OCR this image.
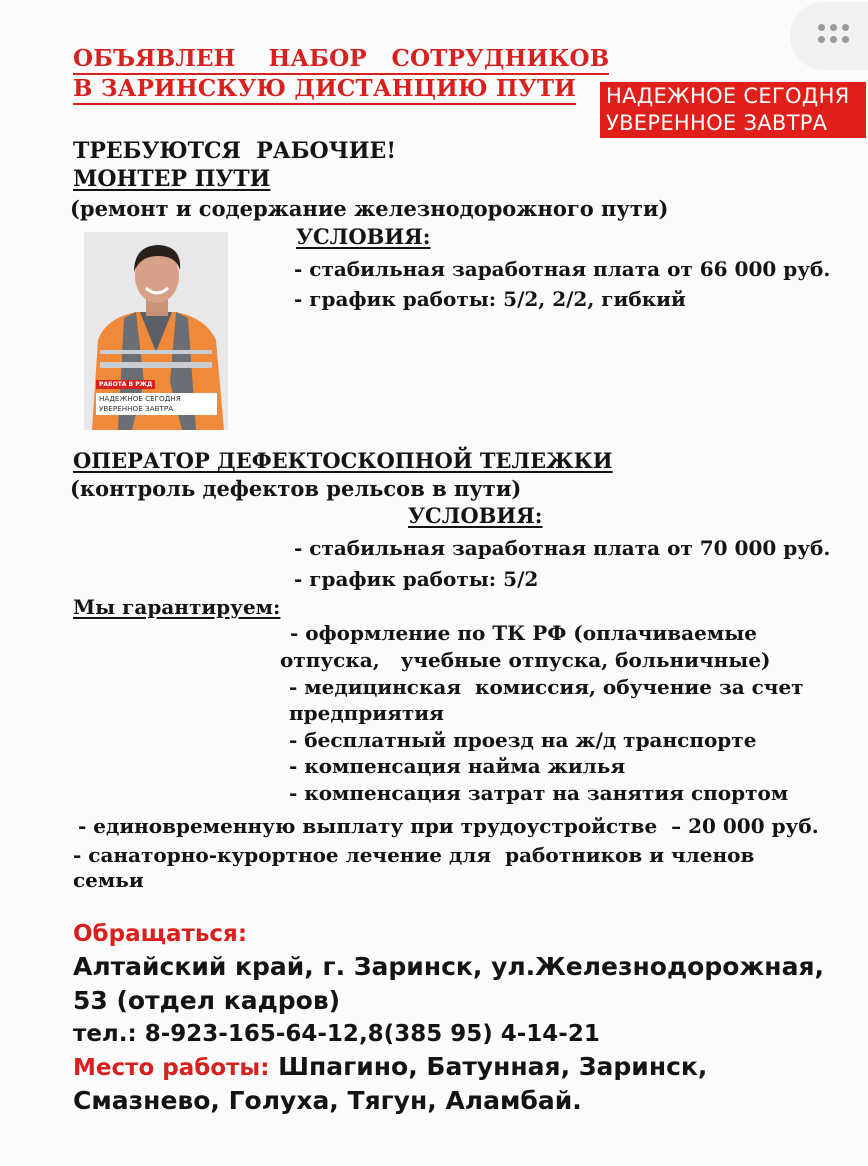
ОБЪЯВЛЕН    НАБОР   СОТРУДНИКОВ
В ЗАРИНСКУЮ ДИСТАНЦИЮ ПУТИ	НАДЕЖНОЕ СЕГОДНЯ
УВЕРЕННОЕ ЗАВТРА
ТРЕБУЮТСЯ  РАБОЧИЕ!
МОНТЕР ПУТИ
(ремонт и содержание железнодорожного пути)
РАБОТА В РЖД
НАДЕЖНОЕ СЕГОДНЯ
УВЕРЕННОЕ ЗАВТРА
УСЛОВИЯ:
- стабильная заработная плата от 66 000 руб.
- график работы: 5/2, 2/2, гибкий
ОПЕРАТОР ДЕФЕКТОСКОПНОЙ ТЕЛЕЖКИ
(контроль дефектов рельсов в пути)
УСЛОВИЯ:
- стабильная заработная плата от 70 000 руб.
- график работы: 5/2
Мы гарантируем:
- оформление по ТК РФ (оплачиваемые
отпуска,   учебные отпуска, больничные)
- медицинская  комиссия, обучение за счет
предприятия
- бесплатный проезд на ж/д транспорте
- компенсация найма жилья
- компенсация затрат на занятия спортом
- единовременную выплату при трудоустройстве  – 20 000 руб.
- санаторно-курортное лечение для  работников и членов
семьи
Обращаться:
Алтайский край, г. Заринск, ул.Железнодорожная,
53 (отдел кадров)
тел.: 8-923-165-64-12,8(385 95) 4-14-21
Место работы: Шпагино, Батунная, Заринск,
Смазнево, Голуха, Тягун, Аламбай.
